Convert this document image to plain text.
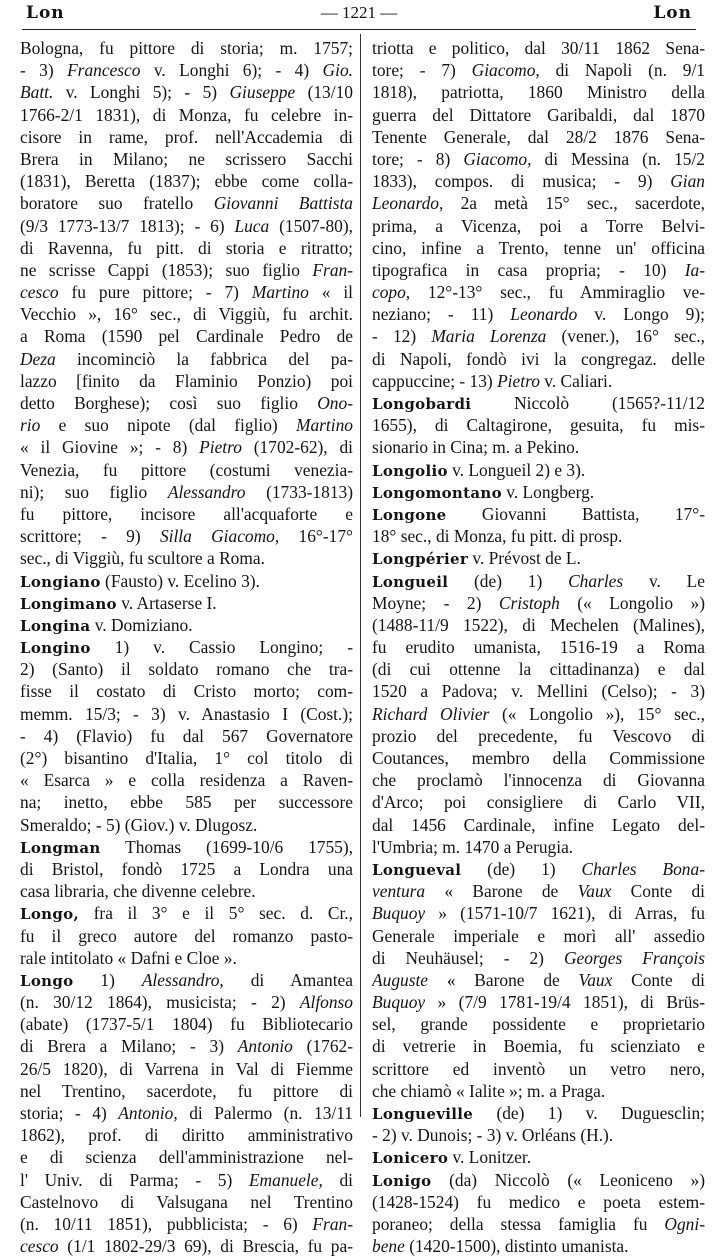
Lon	— 1221 —	Lon
Bologna, fu pittore di storia; m. 1757;
- 3) Francesco v. Longhi 6); - 4) Gio.
Batt. v. Longhi 5); - 5) Giuseppe (13/10
1766-2/1 1831), di Monza, fu celebre in-
cisore in rame, prof. nell'Accademia di
Brera in Milano; ne scrissero Sacchi
(1831), Beretta (1837); ebbe come colla-
boratore suo fratello Giovanni Battista
(9/3 1773-13/7 1813); - 6) Luca (1507-80),
di Ravenna, fu pitt. di storia e ritratto;
ne scrisse Cappi (1853); suo figlio Fran-
cesco fu pure pittore; - 7) Martino « il
Vecchio », 16° sec., di Viggiù, fu archit.
a Roma (1590 pel Cardinale Pedro de
Deza incominciò la fabbrica del pa-
lazzo [finito da Flaminio Ponzio) poi
detto Borghese); così suo figlio Ono-
rio e suo nipote (dal figlio) Martino
« il Giovine »; - 8) Pietro (1702-62), di
Venezia, fu pittore (costumi venezia-
ni); suo figlio Alessandro (1733-1813)
fu pittore, incisore all'acquaforte e
scrittore; - 9) Silla Giacomo, 16°-17°
sec., di Viggiù, fu scultore a Roma.
Longiano (Fausto) v. Ecelino 3).
Longimano v. Artaserse I.
Longina v. Domiziano.
Longino 1) v. Cassio Longino; -
2) (Santo) il soldato romano che tra-
fisse il costato di Cristo morto; com-
memm. 15/3; - 3) v. Anastasio I (Cost.);
- 4) (Flavio) fu dal 567 Governatore
(2°) bisantino d'Italia, 1° col titolo di
« Esarca » e colla residenza a Raven-
na; inetto, ebbe 585 per successore
Smeraldo; - 5) (Giov.) v. Dlugosz.
Longman Thomas (1699-10/6 1755),
di Bristol, fondò 1725 a Londra una
casa libraria, che divenne celebre.
Longo, fra il 3° e il 5° sec. d. Cr.,
fu il greco autore del romanzo pasto-
rale intitolato « Dafni e Cloe ».
Longo 1) Alessandro, di Amantea
(n. 30/12 1864), musicista; - 2) Alfonso
(abate) (1737-5/1 1804) fu Bibliotecario
di Brera a Milano; - 3) Antonio (1762-
26/5 1820), di Varrena in Val di Fiemme
nel Trentino, sacerdote, fu pittore di
storia; - 4) Antonio, di Palermo (n. 13/11
1862), prof. di diritto amministrativo
e di scienza dell'amministrazione nel-
l' Univ. di Parma; - 5) Emanuele, di
Castelnovo di Valsugana nel Trentino
(n. 10/11 1851), pubblicista; - 6) Fran-
cesco (1/1 1802-29/3 69), di Brescia, fu pa-
triotta e politico, dal 30/11 1862 Sena-
tore; - 7) Giacomo, di Napoli (n. 9/1
1818), patriotta, 1860 Ministro della
guerra del Dittatore Garibaldi, dal 1870
Tenente Generale, dal 28/2 1876 Sena-
tore; - 8) Giacomo, di Messina (n. 15/2
1833), compos. di musica; - 9) Gian
Leonardo, 2a metà 15° sec., sacerdote,
prima, a Vicenza, poi a Torre Belvi-
cino, infine a Trento, tenne un' officina
tipografica in casa propria; - 10) Ia-
copo, 12°-13° sec., fu Ammiraglio ve-
neziano; - 11) Leonardo v. Longo 9);
- 12) Maria Lorenza (vener.), 16° sec.,
di Napoli, fondò ivi la congregaz. delle
cappuccine; - 13) Pietro v. Caliari.
Longobardi Niccolò (1565?-11/12
1655), di Caltagirone, gesuita, fu mis-
sionario in Cina; m. a Pekino.
Longolio v. Longueil 2) e 3).
Longomontano v. Longberg.
Longone Giovanni Battista, 17°-
18° sec., di Monza, fu pitt. di prosp.
Longpérier v. Prévost de L.
Longueil (de) 1) Charles v. Le
Moyne; - 2) Cristoph (« Longolio »)
(1488-11/9 1522), di Mechelen (Malines),
fu erudito umanista, 1516-19 a Roma
(di cui ottenne la cittadinanza) e dal
1520 a Padova; v. Mellini (Celso); - 3)
Richard Olivier (« Longolio »), 15° sec.,
prozio del precedente, fu Vescovo di
Coutances, membro della Commissione
che proclamò l'innocenza di Giovanna
d'Arco; poi consigliere di Carlo VII,
dal 1456 Cardinale, infine Legato del-
l'Umbria; m. 1470 a Perugia.
Longueval (de) 1) Charles Bona-
ventura « Barone de Vaux Conte di
Buquoy » (1571-10/7 1621), di Arras, fu
Generale imperiale e morì all' assedio
di Neuhäusel; - 2) Georges François
Auguste « Barone de Vaux Conte di
Buquoy » (7/9 1781-19/4 1851), di Brüs-
sel, grande possidente e proprietario
di vetrerie in Boemia, fu scienziato e
scrittore ed inventò un vetro nero,
che chiamò « Ialite »; m. a Praga.
Longueville (de) 1) v. Duguesclin;
- 2) v. Dunois; - 3) v. Orléans (H.).
Lonicero v. Lonitzer.
Lonigo (da) Niccolò (« Leoniceno »)
(1428-1524) fu medico e poeta estem-
poraneo; della stessa famiglia fu Ogni-
bene (1420-1500), distinto umanista.
